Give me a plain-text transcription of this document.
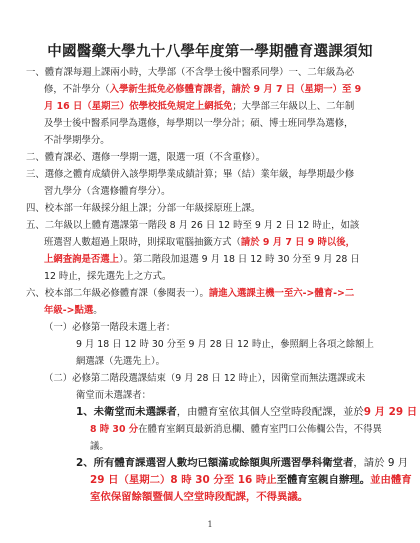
中國醫藥大學九十八學年度第一學期體育選課須知
一、體育課每週上課兩小時，大學部（不含學士後中醫系同學）一、二年級為必
修，不計學分（入學新生抵免必修體育課者，請於 9 月 7 日（星期一）至 9
月 16 日（星期三）依學校抵免規定上網抵免；大學部三年級以上、二年制
及學士後中醫系同學為選修，每學期以一學分計；碩、博士班同學為選修，
不計學期學分。
二、體育課必、選修一學期一選，限選一項（不含重修）。
三、選修之體育成績併入該學期學業成績計算；畢（結）業年級，每學期最少修
習九學分（含選修體育學分）。
四、校本部一年級採分組上課；分部一年級採原班上課。
五、二年級以上體育選課第一階段 8 月 26 日 12 時至 9 月 2 日 12 時止，如該
班選習人數超過上限時，則採取電腦抽籤方式（請於 9 月 7 日 9 時以後，
上網查詢是否選上）。第二階段加退選 9 月 18 日 12 時 30 分至 9 月 28 日
12 時止，採先選先上之方式。
六、校本部二年級必修體育課（參閱表一）。請進入選課主機一至六->體育->二
年級->點選。
（一）必修第一階段未選上者：
9 月 18 日 12 時 30 分至 9 月 28 日 12 時止，參照網上各項之餘額上
網選課（先選先上）。
（二）必修第二階段選課結束（9 月 28 日 12 時止），因衛堂而無法選課或未
衛堂而未選課者：
1、未衛堂而未選課者，由體育室依其個人空堂時段配課，並於9 月 29 日
8 時 30 分在體育室網頁最新消息欄、體育室門口公佈欄公告，不得異
議。
2、所有體育課選習人數均已額滿或餘額與所選習學科衛堂者，請於 9 月
29 日（星期二）8 時 30 分至 16 時止至體育室親自辦理。並由體育
室依保留餘額暨個人空堂時段配課，不得異議。
1
